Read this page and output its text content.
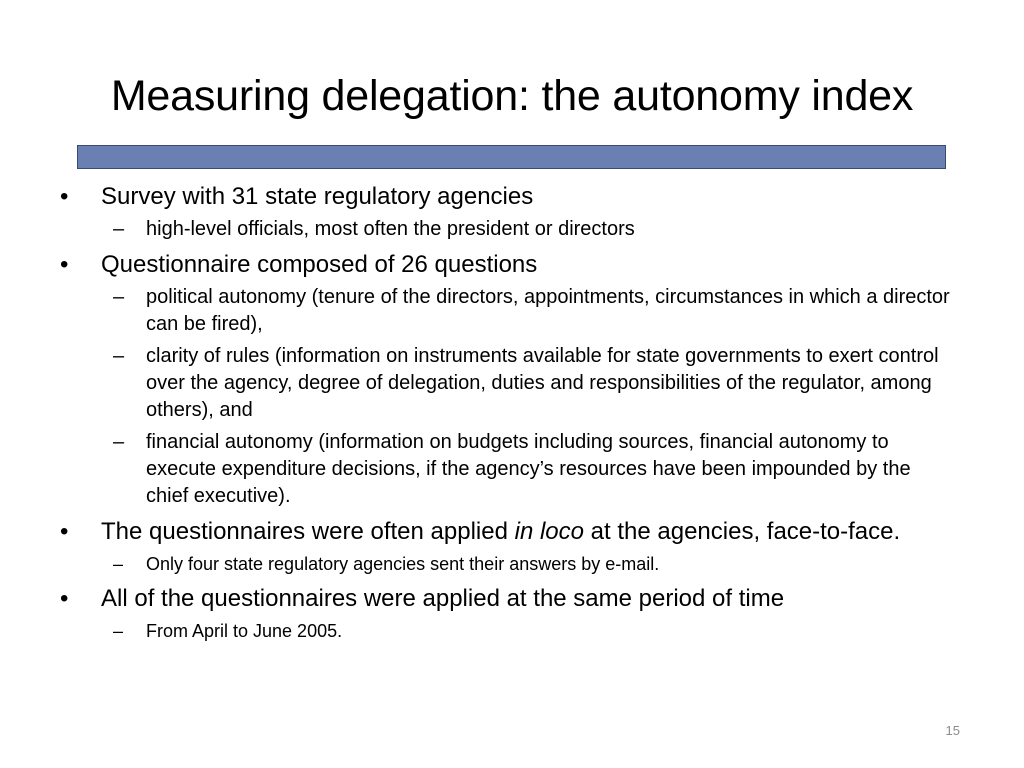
Measuring delegation: the autonomy index
• Survey with 31 state regulatory agencies
– high-level officials, most often the president or directors
• Questionnaire composed of 26 questions
– political autonomy (tenure of the directors, appointments, circumstances in which a director can be fired),
– clarity of rules (information on instruments available for state governments to exert control over the agency, degree of delegation, duties and responsibilities of the regulator, among others), and
– financial autonomy (information on budgets including sources, financial autonomy to execute expenditure decisions, if the agency’s resources have been impounded by the chief executive).
• The questionnaires were often applied in loco at the agencies, face-to-face.
– Only four state regulatory agencies sent their answers by e-mail.
• All of the questionnaires were applied at the same period of time
– From April to June 2005.
15
